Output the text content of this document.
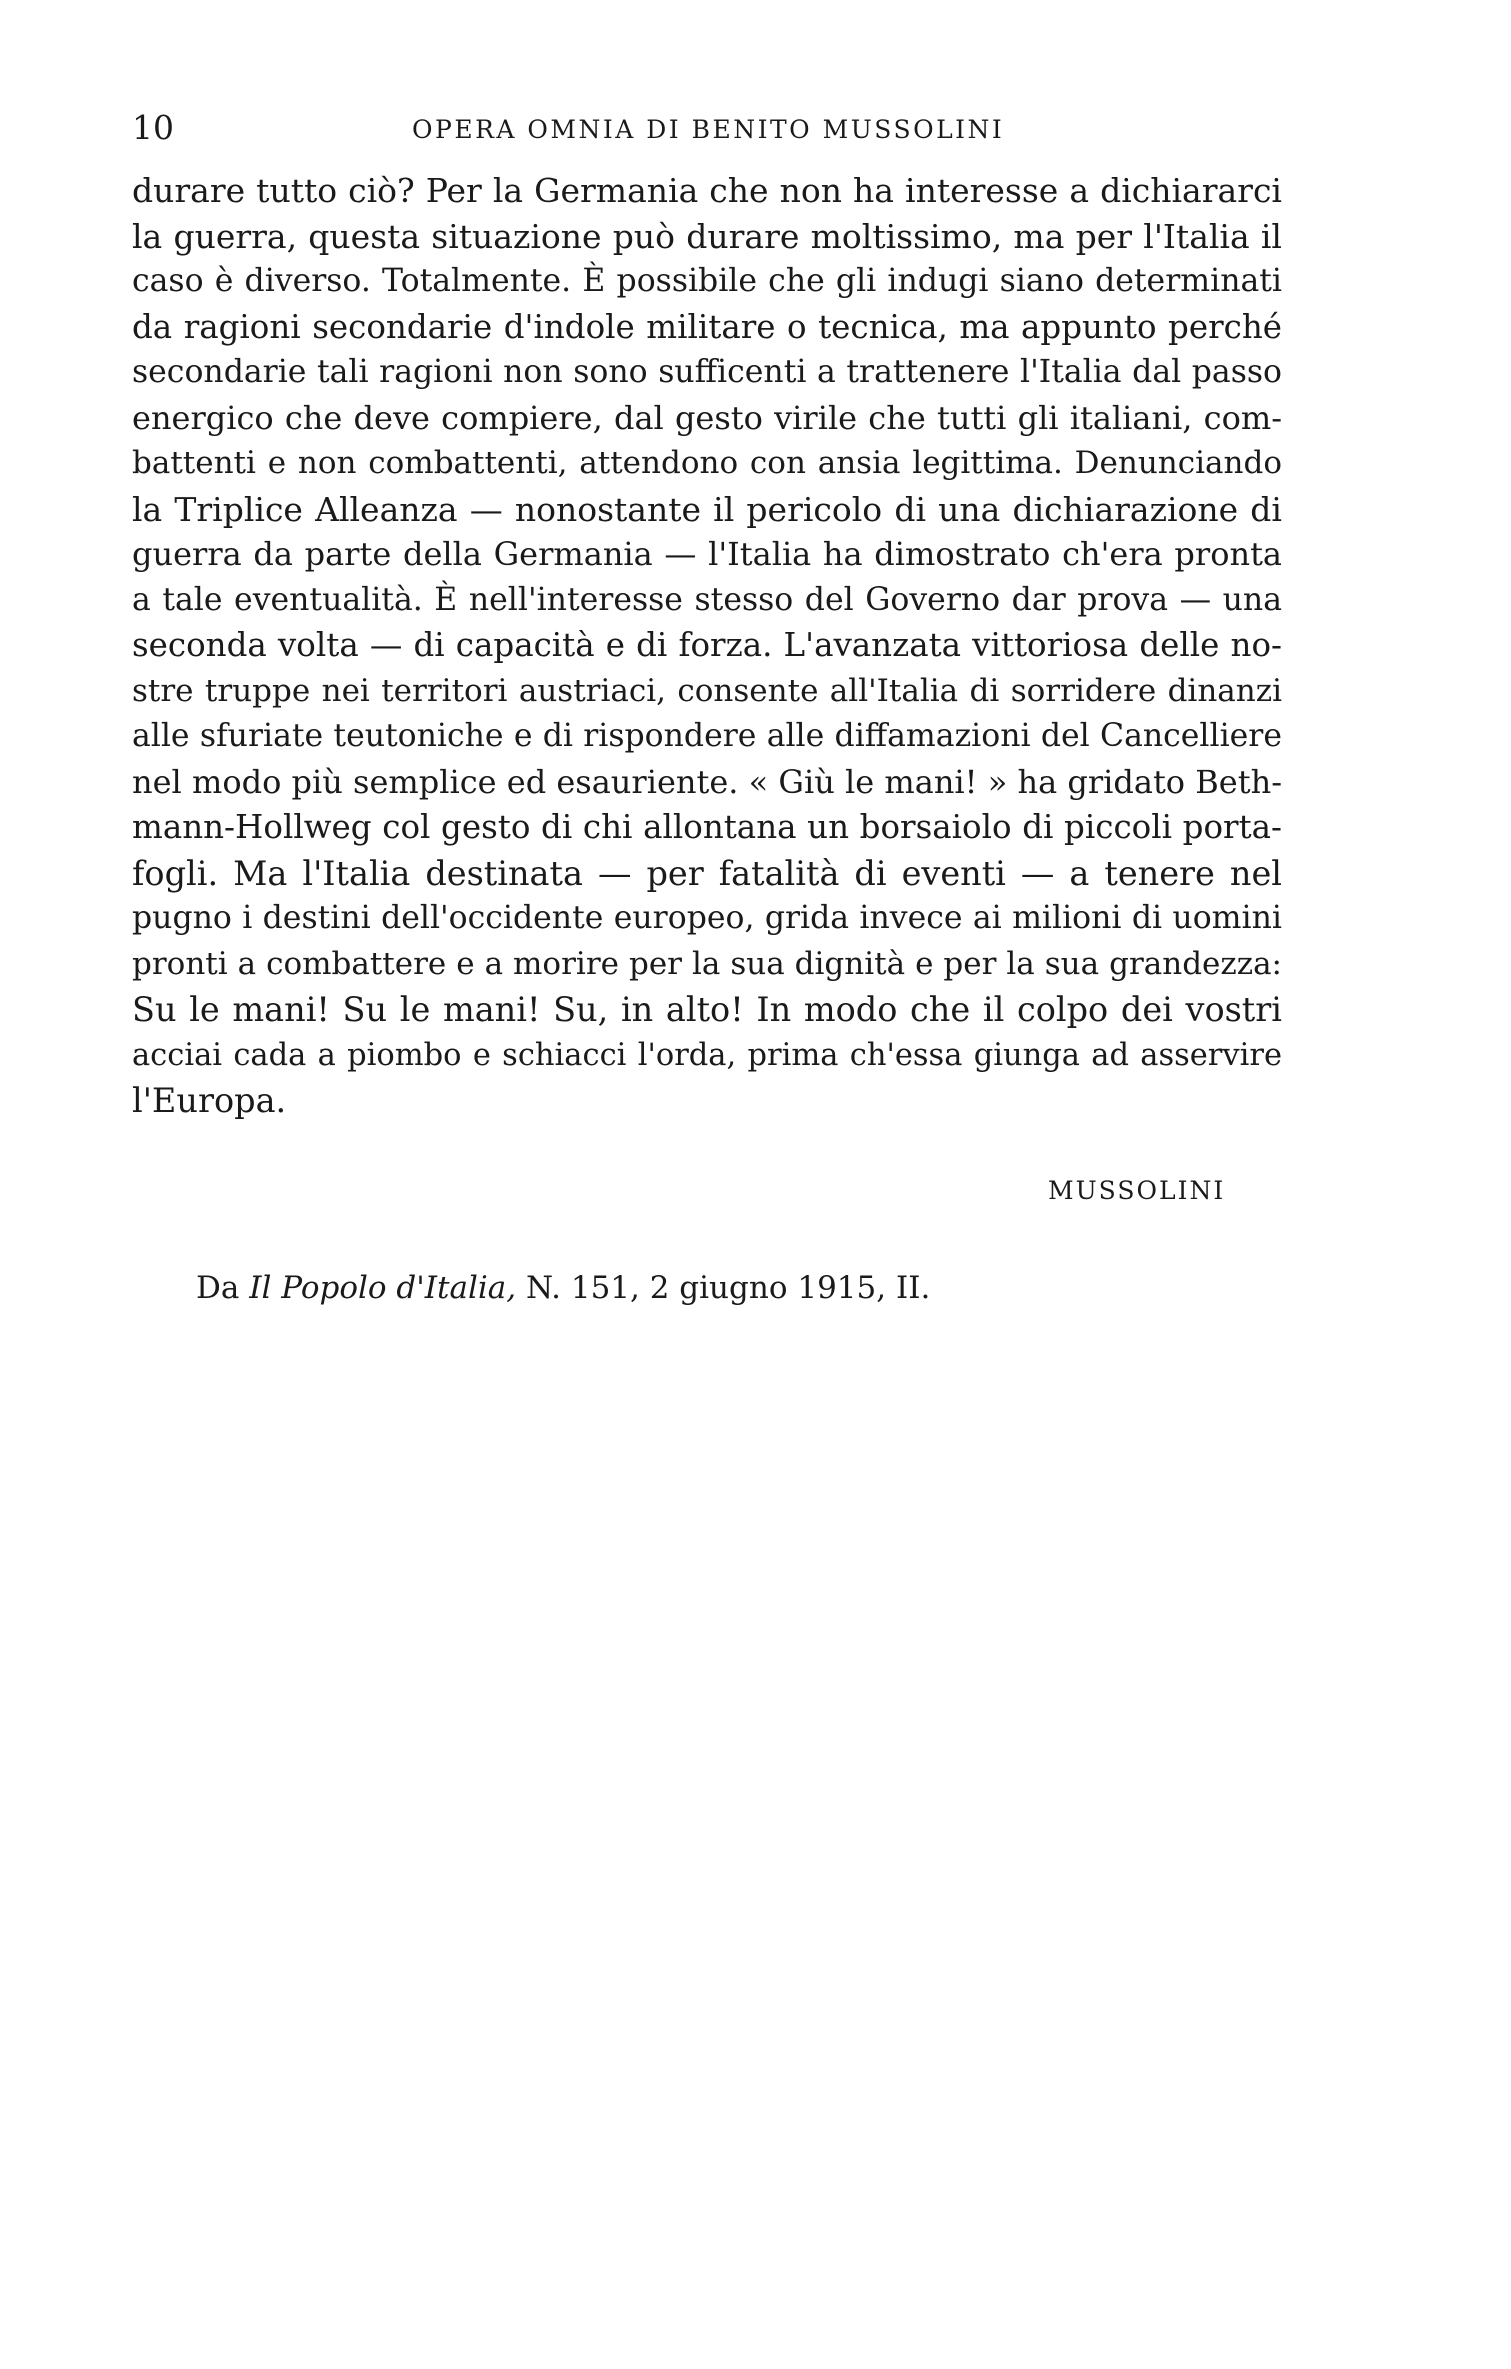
10	OPERA OMNIA DI BENITO MUSSOLINI
durare tutto ciò? Per la Germania che non ha interesse a dichiararci
la guerra, questa situazione può durare moltissimo, ma per l'Italia il
caso è diverso. Totalmente. È possibile che gli indugi siano determinati
da ragioni secondarie d'indole militare o tecnica, ma appunto perché
secondarie tali ragioni non sono sufficenti a trattenere l'Italia dal passo
energico che deve compiere, dal gesto virile che tutti gli italiani, com-
battenti e non combattenti, attendono con ansia legittima. Denunciando
la Triplice Alleanza — nonostante il pericolo di una dichiarazione di
guerra da parte della Germania — l'Italia ha dimostrato ch'era pronta
a tale eventualità. È nell'interesse stesso del Governo dar prova — una
seconda volta — di capacità e di forza. L'avanzata vittoriosa delle no-
stre truppe nei territori austriaci, consente all'Italia di sorridere dinanzi
alle sfuriate teutoniche e di rispondere alle diffamazioni del Cancelliere
nel modo più semplice ed esauriente. « Giù le mani! » ha gridato Beth-
mann-Hollweg col gesto di chi allontana un borsaiolo di piccoli porta-
fogli. Ma l'Italia destinata — per fatalità di eventi — a tenere nel
pugno i destini dell'occidente europeo, grida invece ai milioni di uomini
pronti a combattere e a morire per la sua dignità e per la sua grandezza:
Su le mani! Su le mani! Su, in alto! In modo che il colpo dei vostri
acciai cada a piombo e schiacci l'orda, prima ch'essa giunga ad asservire
l'Europa.
MUSSOLINI
Da Il Popolo d'Italia, N. 151, 2 giugno 1915, II.
